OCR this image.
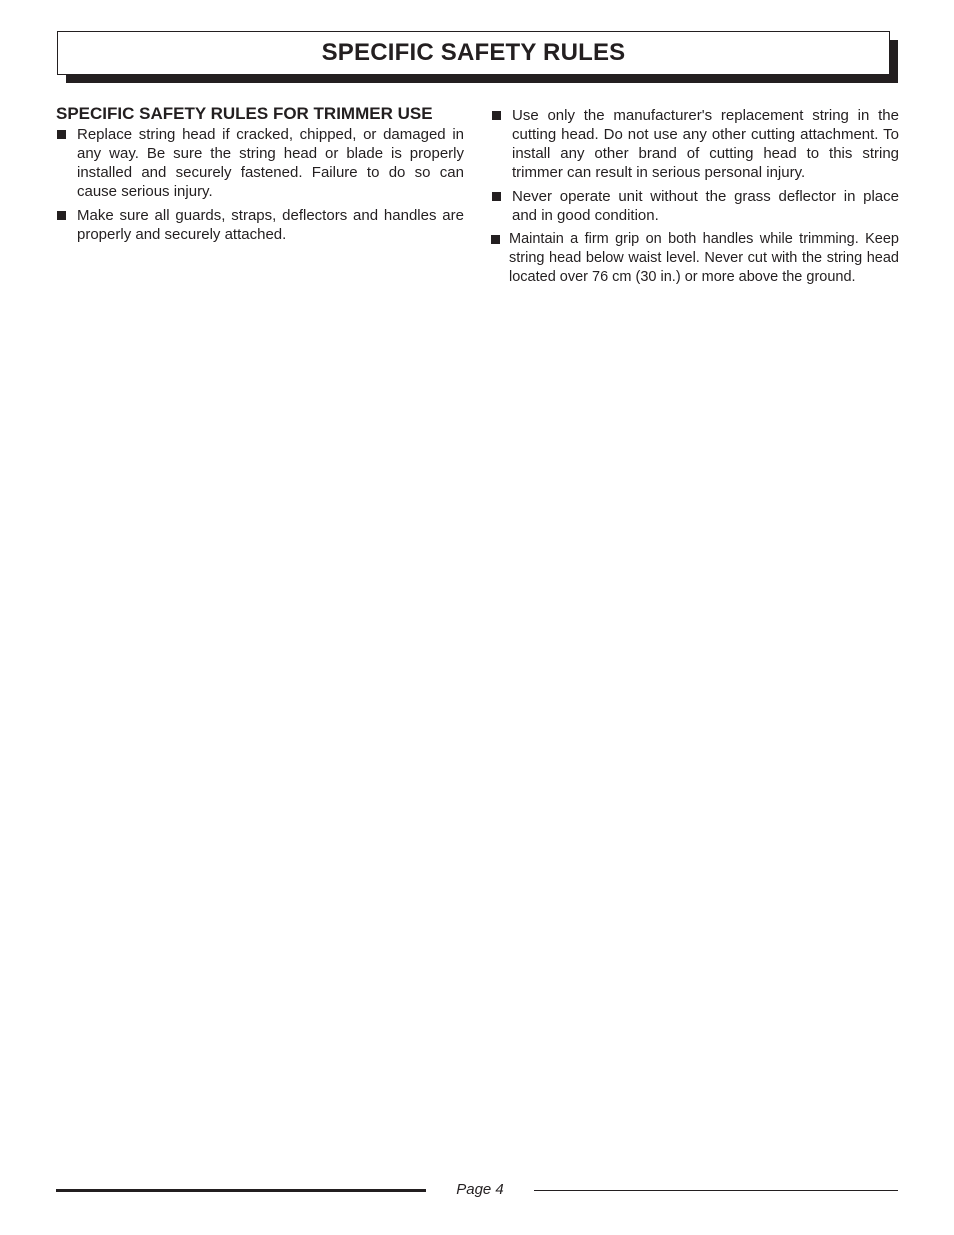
SPECIFIC SAFETY RULES
SPECIFIC SAFETY RULES FOR TRIMMER USE
Replace string head if cracked, chipped, or damaged in any way. Be sure the string head or blade is properly installed and securely fastened. Failure to do so can cause serious injury.
Make sure all guards, straps, deflectors and handles are properly and securely attached.
Use only the manufacturer's replacement string in the cutting head. Do not use any other cutting attachment. To install any other brand of cutting head to this string trimmer can result in serious personal injury.
Never operate unit without the grass deflector in place and in good condition.
Maintain a firm grip on both handles while trimming. Keep string head below waist level. Never cut with the string head located over 76 cm (30 in.) or more above the ground.
Page 4
